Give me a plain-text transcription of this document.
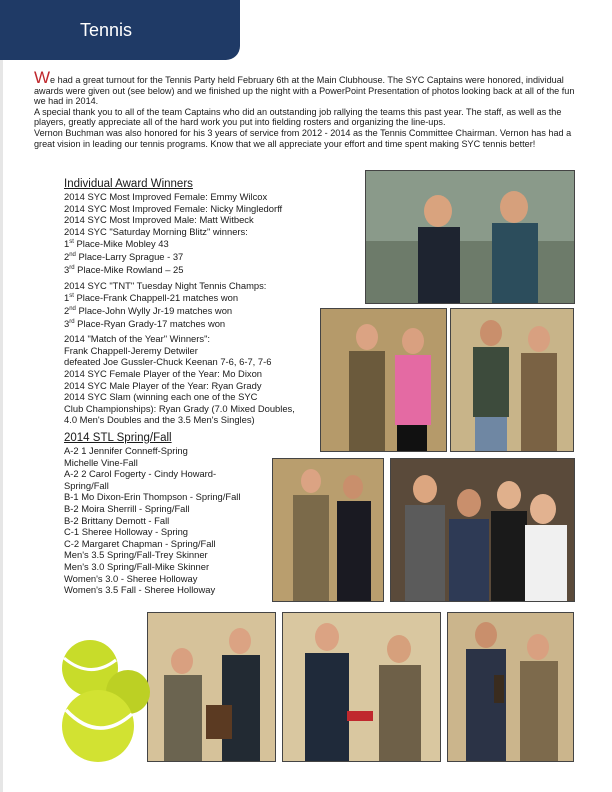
Tennis

We had a great turnout for the Tennis Party held February 6th at the Main Clubhouse. The SYC Captains were honored, individual awards were given out (see below) and we finished up the night with a PowerPoint Presentation of photos looking back at all of the fun we had in 2014.

A special thank you to all of the team Captains who did an outstanding job rallying the teams this past year. The staff, as well as the players, greatly appreciate all of the hard work you put into fielding rosters and organizing the line-ups.

Vernon Buchman was also honored for his 3 years of service from 2012 - 2014 as the Tennis Committee Chairman. Vernon has had a great vision in leading our tennis programs. Know that we all appreciate your effort and time spent making SYC tennis better!

Individual Award Winners
2014 SYC Most Improved Female: Emmy Wilcox
2014 SYC Most Improved Female: Nicky Mingledorff
2014 SYC Most Improved Male: Matt Witbeck
2014 SYC "Saturday Morning Blitz" winners:
1st Place-Mike Mobley 43
2nd Place-Larry Sprague - 37
3rd Place-Mike Rowland – 25
2014 SYC "TNT" Tuesday Night Tennis Champs:
1st Place-Frank Chappell-21 matches won
2nd Place-John Wylly Jr-19 matches won
3rd Place-Ryan Grady-17 matches won
2014 "Match of the Year" Winners":
Frank Chappell-Jeremy Detwiler
defeated Joe Gussler-Chuck Keenan 7-6, 6-7, 7-6
2014 SYC Female Player of the Year: Mo Dixon
2014 SYC Male Player of the Year: Ryan Grady
2014 SYC Slam (winning each one of the SYC
Club Championships): Ryan Grady (7.0 Mixed Doubles,
4.0 Men's Doubles and the 3.5 Men's Singles)
2014 STL Spring/Fall
A-2 1 Jennifer Conneff-Spring
Michelle Vine-Fall
A-2 2 Carol Fogerty - Cindy Howard-
Spring/Fall
B-1 Mo Dixon-Erin Thompson - Spring/Fall
B-2 Moira Sherrill - Spring/Fall
B-2 Brittany Demott - Fall
C-1 Sheree Holloway - Spring
C-2 Margaret Chapman - Spring/Fall
Men's 3.5 Spring/Fall-Trey Skinner
Men's 3.0 Spring/Fall-Mike Skinner
Women's 3.0 - Sheree Holloway
Women's 3.5 Fall - Sheree Holloway
